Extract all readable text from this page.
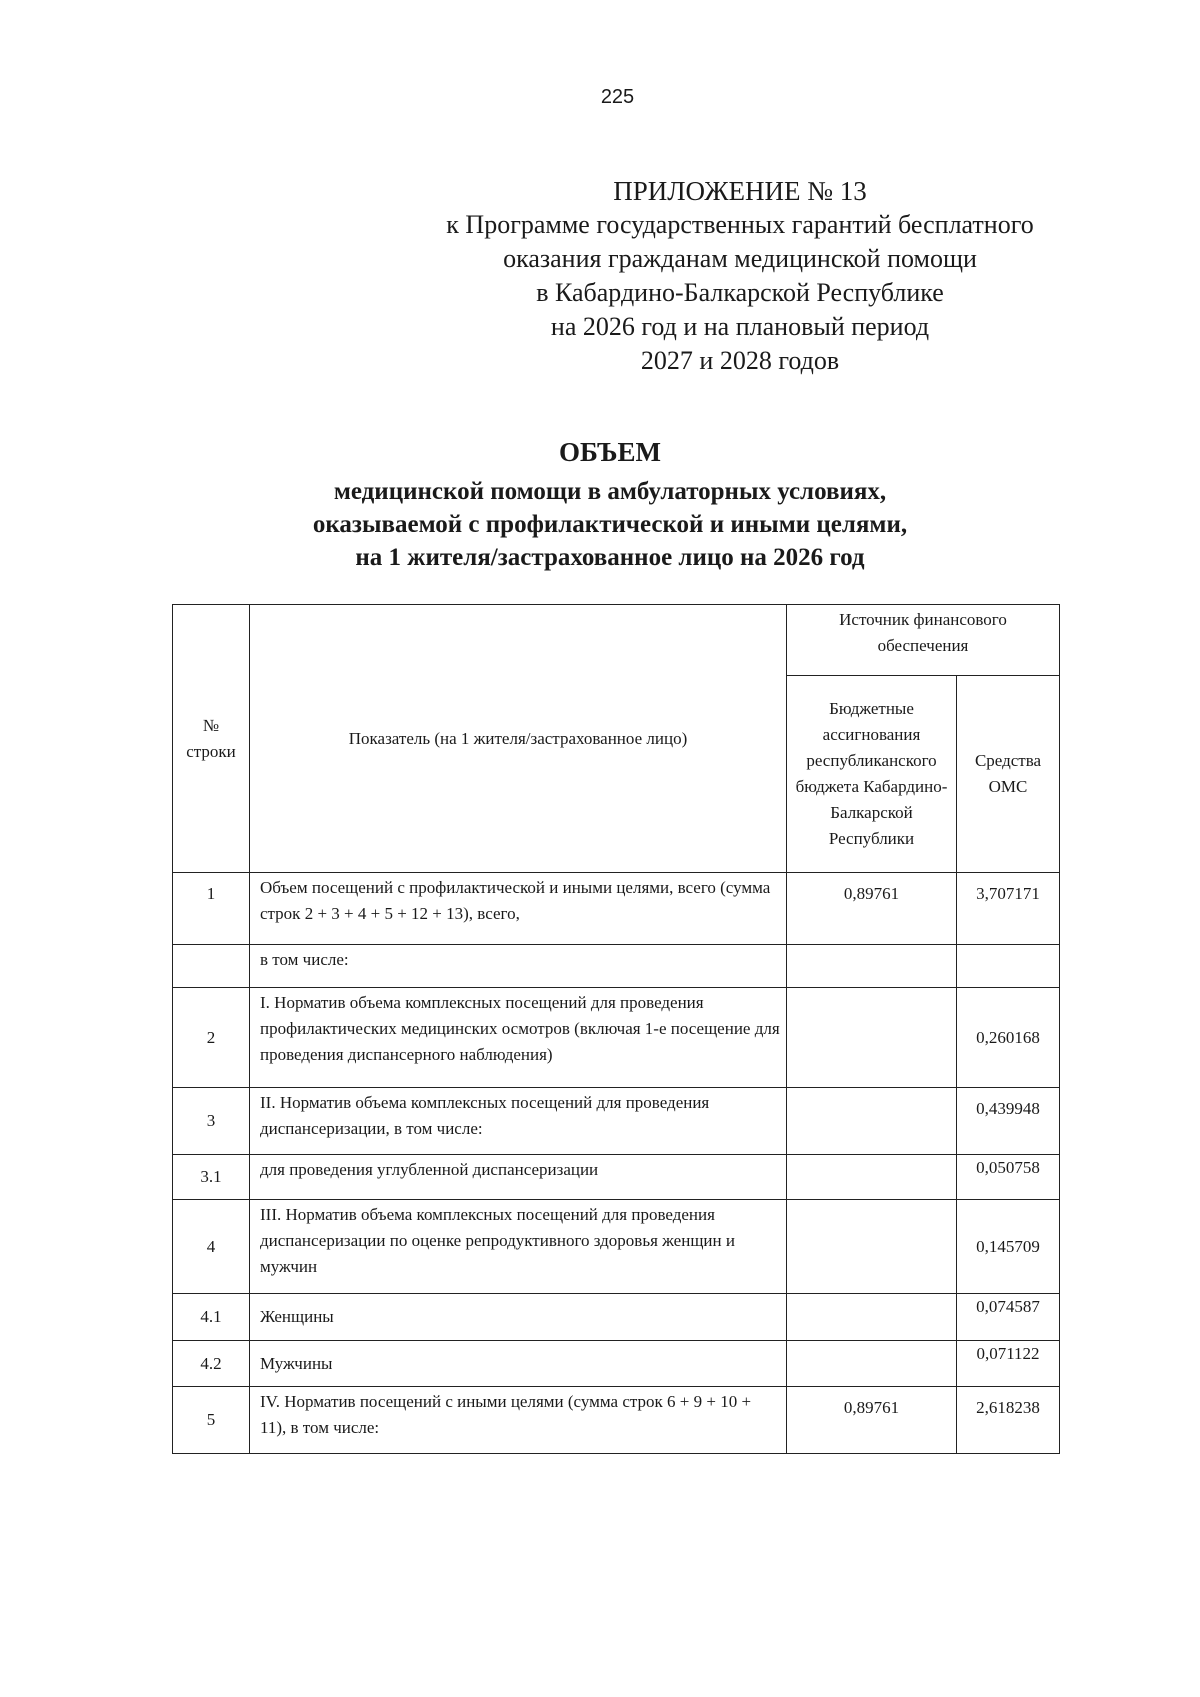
225
ПРИЛОЖЕНИЕ № 13
к Программе государственных гарантий бесплатного
оказания гражданам медицинской помощи
в Кабардино-Балкарской Республике
на 2026 год и на плановый период
2027 и 2028 годов
ОБЪЕМ
медицинской помощи в амбулаторных условиях,
оказываемой с профилактической и иными целями,
на 1 жителя/застрахованное лицо на 2026 год
№ строки	Показатель (на 1 жителя/застрахованное лицо)	Источник финансового обеспечения	
		Бюджетные ассигнования республиканского бюджета Кабардино-Балкарской Республики	Средства ОМС
1	Объем посещений с профилактической и иными целями, всего (сумма строк 2 + 3 + 4 + 5 + 12 + 13), всего,	0,89761	3,707171
	в том числе:		
2	I. Норматив объема комплексных посещений для проведения профилактических медицинских осмотров (включая 1-е посещение для проведения диспансерного наблюдения)		0,260168
3	II. Норматив объема комплексных посещений для проведения диспансеризации, в том числе:		0,439948
3.1	для проведения углубленной диспансеризации		0,050758
4	III. Норматив объема комплексных посещений для проведения диспансеризации по оценке репродуктивного здоровья женщин и мужчин		0,145709
4.1	Женщины		0,074587
4.2	Мужчины		0,071122
5	IV. Норматив посещений с иными целями (сумма строк 6 + 9 + 10 + 11), в том числе:	0,89761	2,618238
